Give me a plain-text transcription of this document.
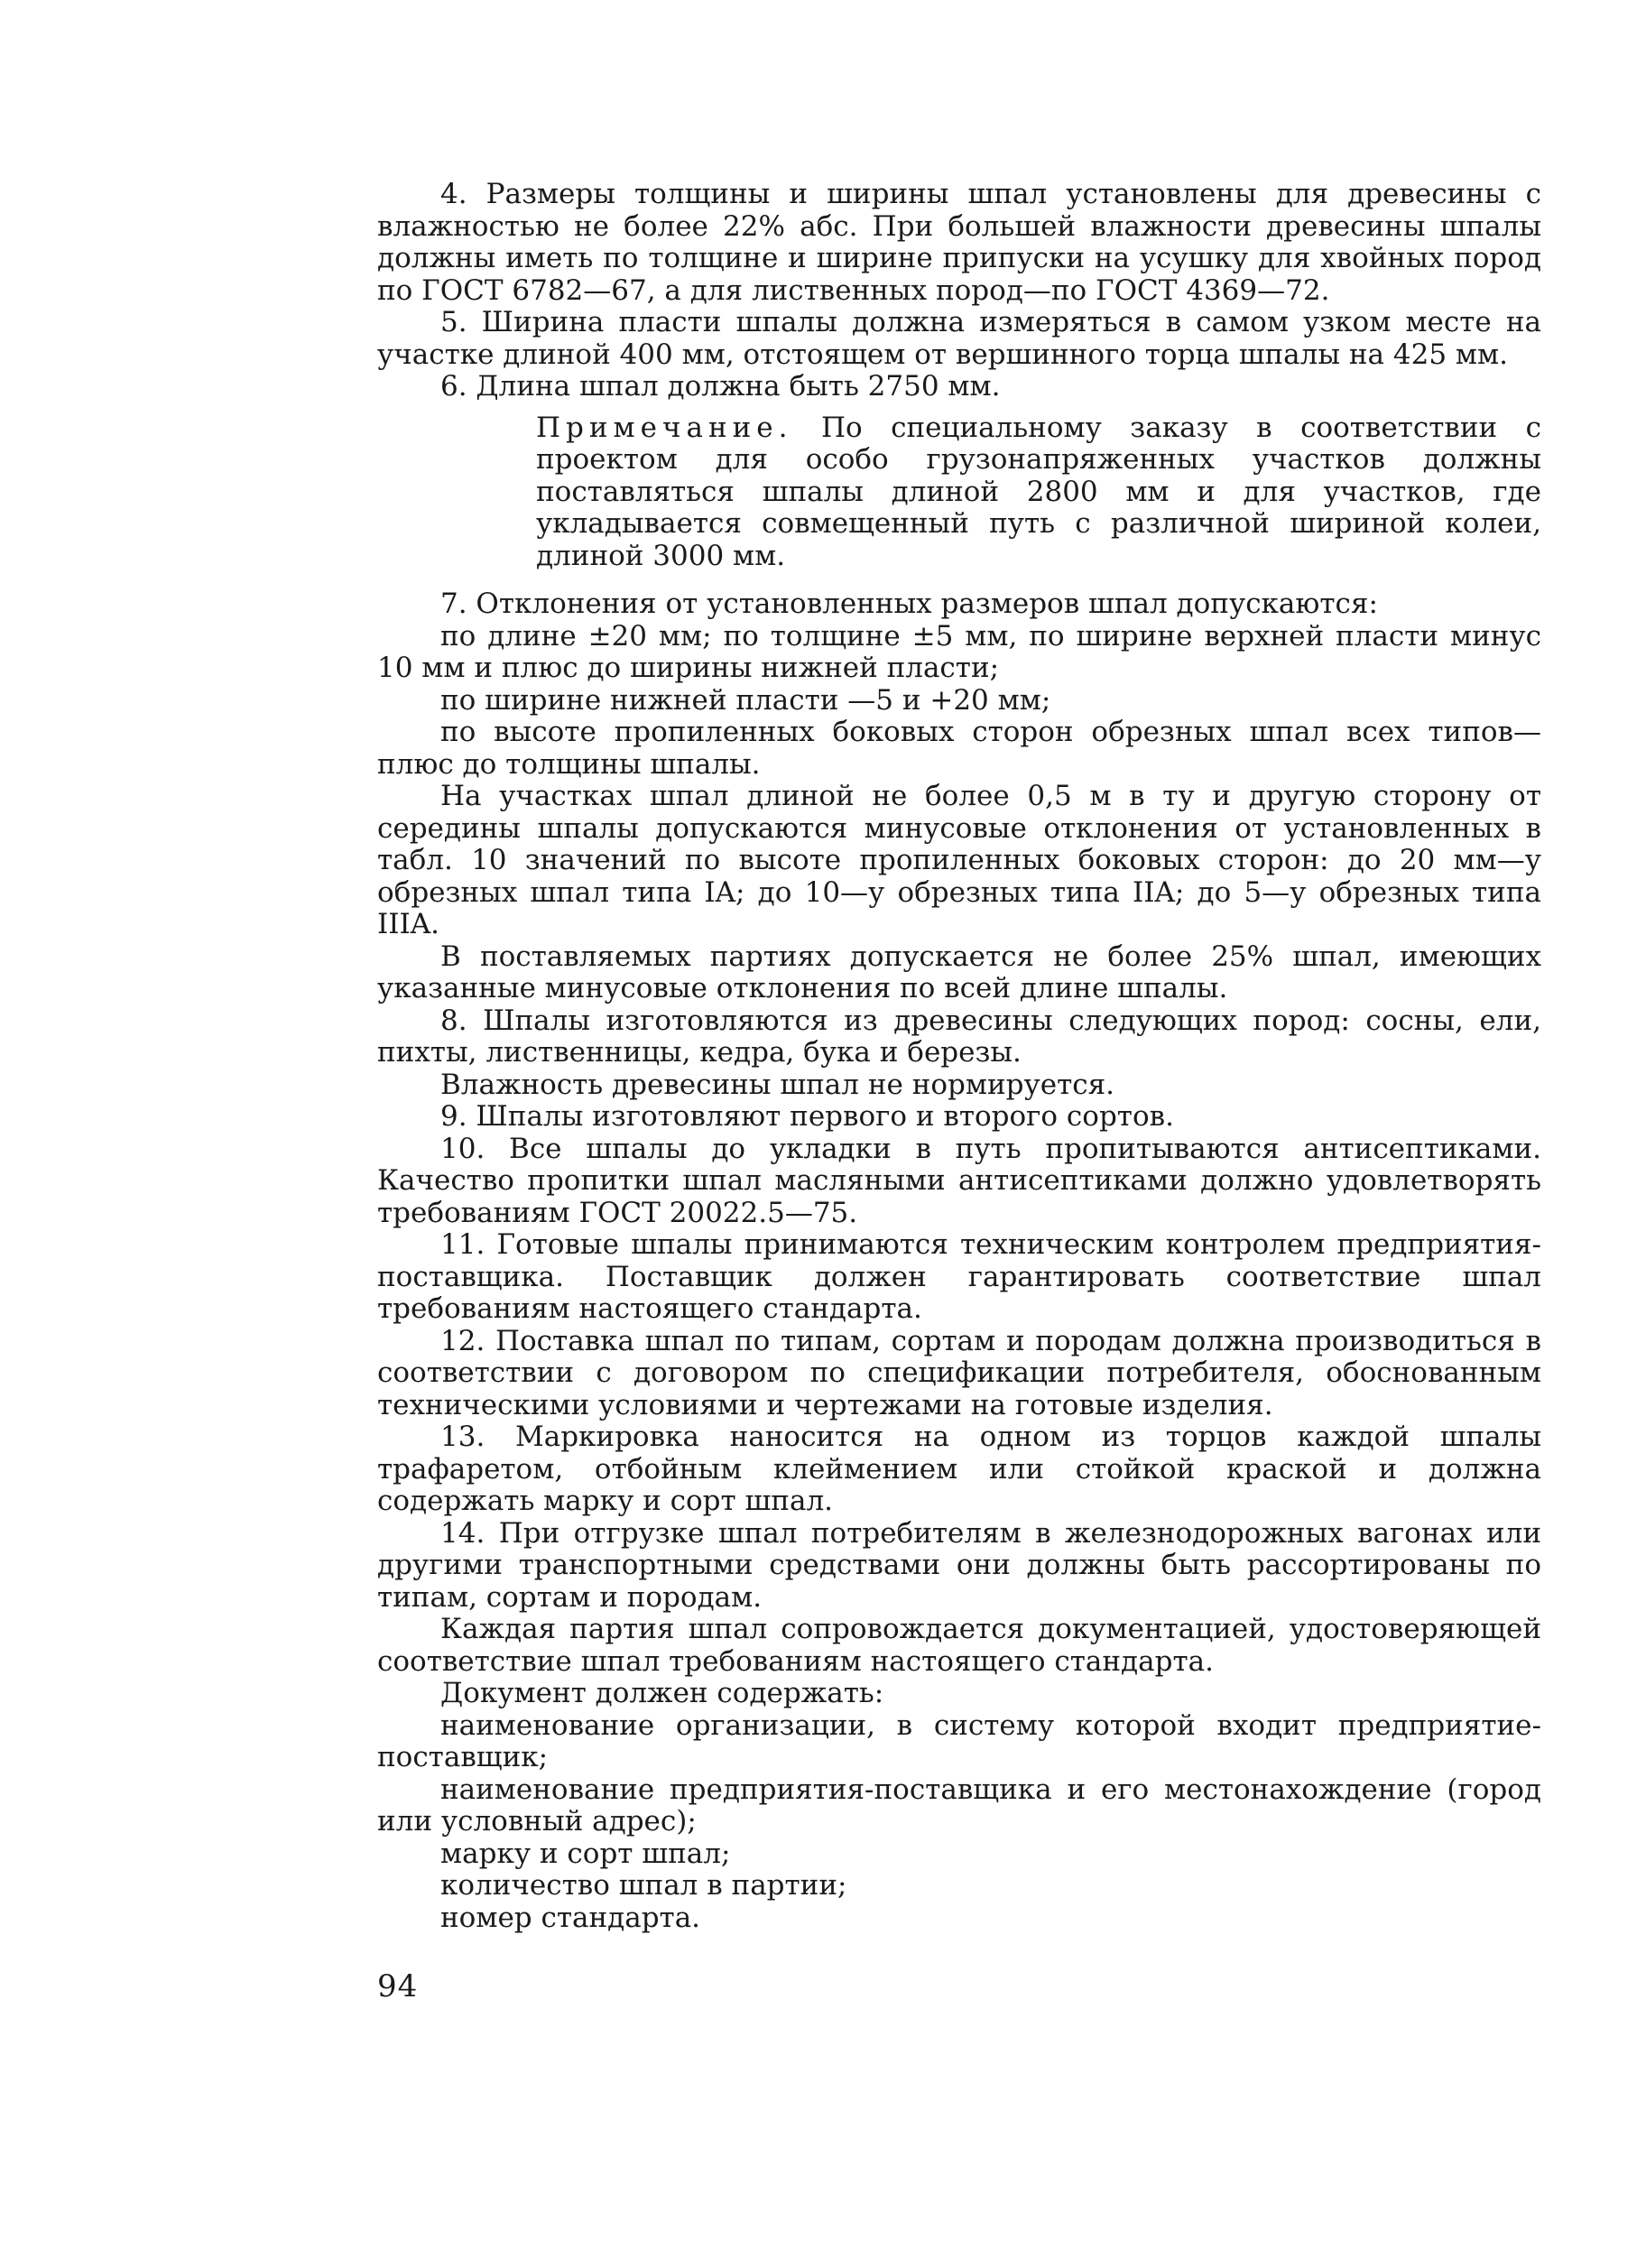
4. Размеры толщины и ширины шпал установлены для древесины с влажностью не более 22% абс. При большей влажности древесины шпалы должны иметь по толщине и ширине припуски на усушку для хвойных пород по ГОСТ 6782—67, а для лиственных пород—по ГОСТ 4369—72.

5. Ширина пласти шпалы должна измеряться в самом узком месте на участке длиной 400 мм, отстоящем от вершинного торца шпалы на 425 мм.

6. Длина шпал должна быть 2750 мм.

Примечание. По специальному заказу в соответствии с проектом для особо грузонапряженных участков должны поставляться шпалы длиной 2800 мм и для участков, где укладывается совмещенный путь с различной шириной колеи, длиной 3000 мм.

7. Отклонения от установленных размеров шпал допускаются:

по длине ±20 мм; по толщине ±5 мм, по ширине верхней пласти минус 10 мм и плюс до ширины нижней пласти;

по ширине нижней пласти —5 и +20 мм;

по высоте пропиленных боковых сторон обрезных шпал всех типов—плюс до толщины шпалы.

На участках шпал длиной не более 0,5 м в ту и другую сторону от середины шпалы допускаются минусовые отклонения от установленных в табл. 10 значений по высоте пропиленных боковых сторон: до 20 мм—у обрезных шпал типа IA; до 10—у обрезных типа IIA; до 5—у обрезных типа IIIA.

В поставляемых партиях допускается не более 25% шпал, имеющих указанные минусовые отклонения по всей длине шпалы.

8. Шпалы изготовляются из древесины следующих пород: сосны, ели, пихты, лиственницы, кедра, бука и березы.

Влажность древесины шпал не нормируется.

9. Шпалы изготовляют первого и второго сортов.

10. Все шпалы до укладки в путь пропитываются антисептиками. Качество пропитки шпал масляными антисептиками должно удовлетворять требованиям ГОСТ 20022.5—75.

11. Готовые шпалы принимаются техническим контролем предприятия-поставщика. Поставщик должен гарантировать соответствие шпал требованиям настоящего стандарта.

12. Поставка шпал по типам, сортам и породам должна производиться в соответствии с договором по спецификации потребителя, обоснованным техническими условиями и чертежами на готовые изделия.

13. Маркировка наносится на одном из торцов каждой шпалы трафаретом, отбойным клеймением или стойкой краской и должна содержать марку и сорт шпал.

14. При отгрузке шпал потребителям в железнодорожных вагонах или другими транспортными средствами они должны быть рассортированы по типам, сортам и породам.

Каждая партия шпал сопровождается документацией, удостоверяющей соответствие шпал требованиям настоящего стандарта.

Документ должен содержать:

наименование организации, в систему которой входит предприятие-поставщик;

наименование предприятия-поставщика и его местонахождение (город или условный адрес);

марку и сорт шпал;

количество шпал в партии;

номер стандарта.

94
